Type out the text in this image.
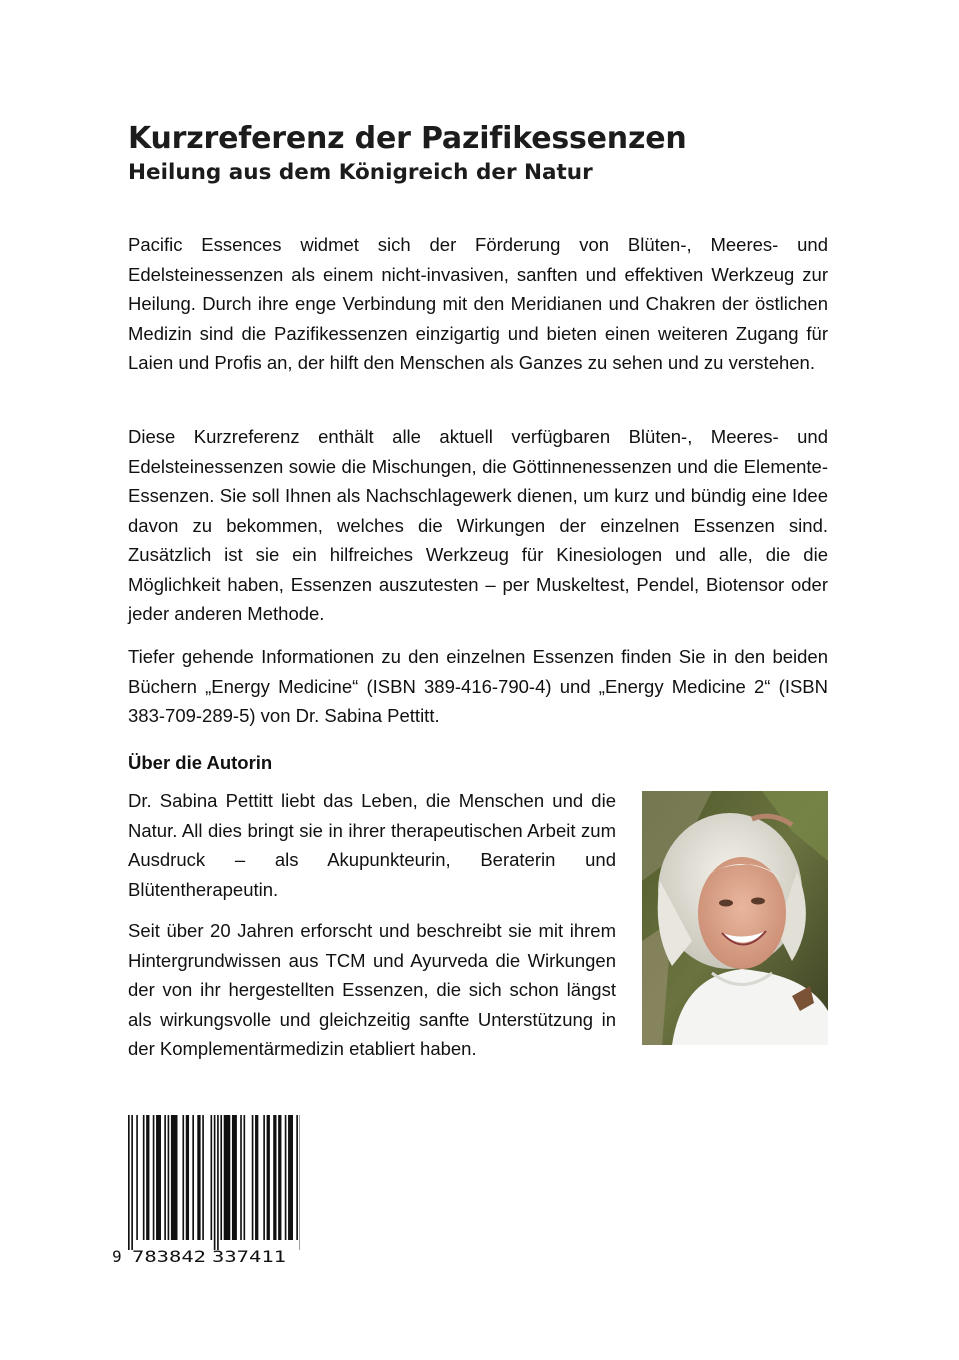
Kurzreferenz der Pazifikessenzen
Heilung aus dem Königreich der Natur

Pacific Essences widmet sich der Förderung von Blüten-, Meeres- und Edelsteinessenzen als einem nicht-invasiven, sanften und effektiven Werkzeug zur Heilung. Durch ihre enge Verbindung mit den Meridianen und Chakren der östlichen Medizin sind die Pazifikessenzen einzigartig und bieten einen weiteren Zugang für Laien und Profis an, der hilft den Menschen als Ganzes zu sehen und zu verstehen.

Diese Kurzreferenz enthält alle aktuell verfügbaren Blüten-, Meeres- und Edelsteinessenzen sowie die Mischungen, die Göttinnenessenzen und die Elemente-Essenzen. Sie soll Ihnen als Nachschlagewerk dienen, um kurz und bündig eine Idee davon zu bekommen, welches die Wirkungen der einzelnen Essenzen sind. Zusätzlich ist sie ein hilfreiches Werkzeug für Kinesiologen und alle, die die Möglichkeit haben, Essenzen auszutesten – per Muskeltest, Pendel, Biotensor oder jeder anderen Methode.

Tiefer gehende Informationen zu den einzelnen Essenzen finden Sie in den beiden Büchern „Energy Medicine“ (ISBN 389-416-790-4) und „Energy Medicine 2“ (ISBN 383-709-289-5) von Dr. Sabina Pettitt.

Über die Autorin

Dr. Sabina Pettitt liebt das Leben, die Menschen und die Natur. All dies bringt sie in ihrer therapeutischen Arbeit zum Ausdruck – als Akupunkteurin, Beraterin und Blütentherapeutin.

Seit über 20 Jahren erforscht und beschreibt sie mit ihrem Hintergrundwissen aus TCM und Ayurveda die Wirkungen der von ihr hergestellten Essenzen, die sich schon längst als wirkungsvolle und gleichzeitig sanfte Unterstützung in der Komplementärmedizin etabliert haben.

9 783842 337411
